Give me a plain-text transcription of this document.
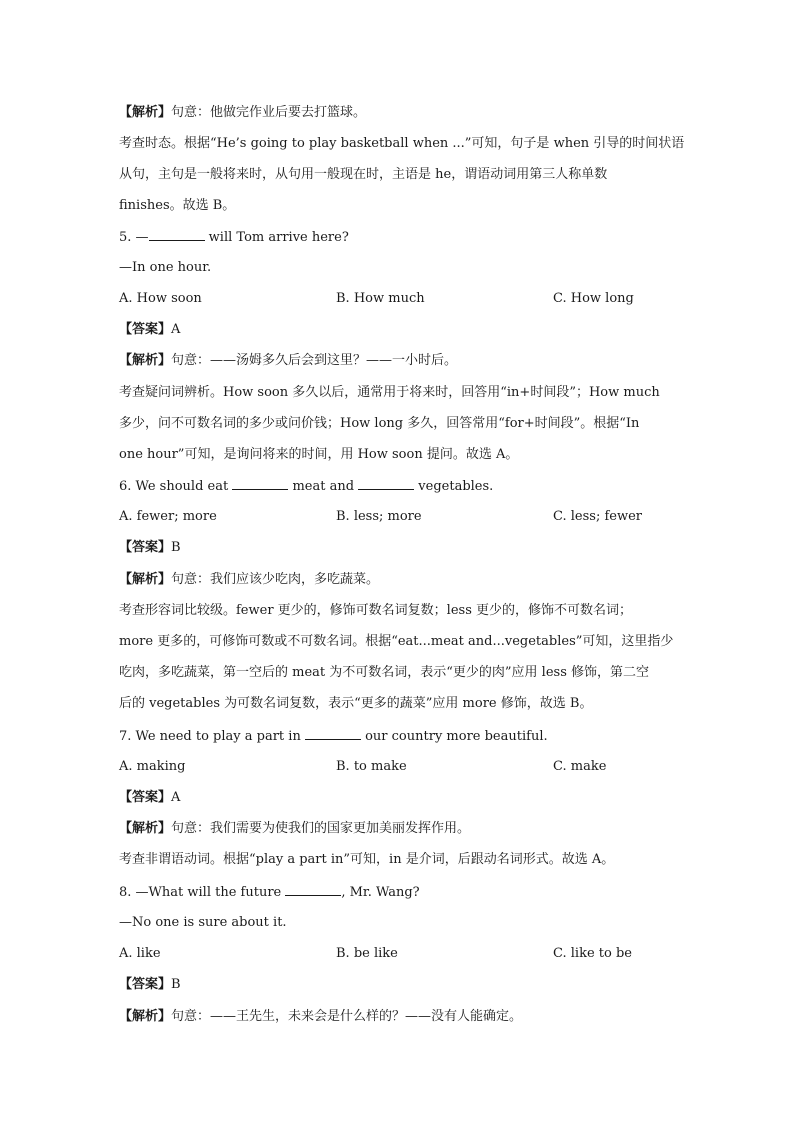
【解析】句意：他做完作业后要去打篮球。
考查时态。根据“He’s going to play basketball when ...”可知，句子是 when 引导的时间状语
从句，主句是一般将来时，从句用一般现在时，主语是 he，谓语动词用第三人称单数
finishes。故选 B。
5. —	will Tom arrive here?
—In one hour.
A. How soon	B. How much	C. How long
【答案】A
【解析】句意：——汤姆多久后会到这里？——一小时后。
考查疑问词辨析。How soon 多久以后，通常用于将来时，回答用“in+时间段”；How much
多少，问不可数名词的多少或问价钱；How long 多久，回答常用“for+时间段”。根据“In
one hour”可知，是询问将来的时间，用 How soon 提问。故选 A。
6. We should eat	meat and	vegetables.
A. fewer; more	B. less; more	C. less; fewer
【答案】B
【解析】句意：我们应该少吃肉，多吃蔬菜。
考查形容词比较级。fewer 更少的，修饰可数名词复数；less 更少的，修饰不可数名词；
more 更多的，可修饰可数或不可数名词。根据“eat...meat and...vegetables”可知，这里指少
吃肉，多吃蔬菜，第一空后的 meat 为不可数名词，表示“更少的肉”应用 less 修饰，第二空
后的 vegetables 为可数名词复数，表示“更多的蔬菜”应用 more 修饰，故选 B。
7. We need to play a part in	our country more beautiful.
A. making	B. to make	C. make
【答案】A
【解析】句意：我们需要为使我们的国家更加美丽发挥作用。
考查非谓语动词。根据“play a part in”可知，in 是介词，后跟动名词形式。故选 A。
8. —What will the future	, Mr. Wang?
—No one is sure about it.
A. like	B. be like	C. like to be
【答案】B
【解析】句意：——王先生，未来会是什么样的？——没有人能确定。
